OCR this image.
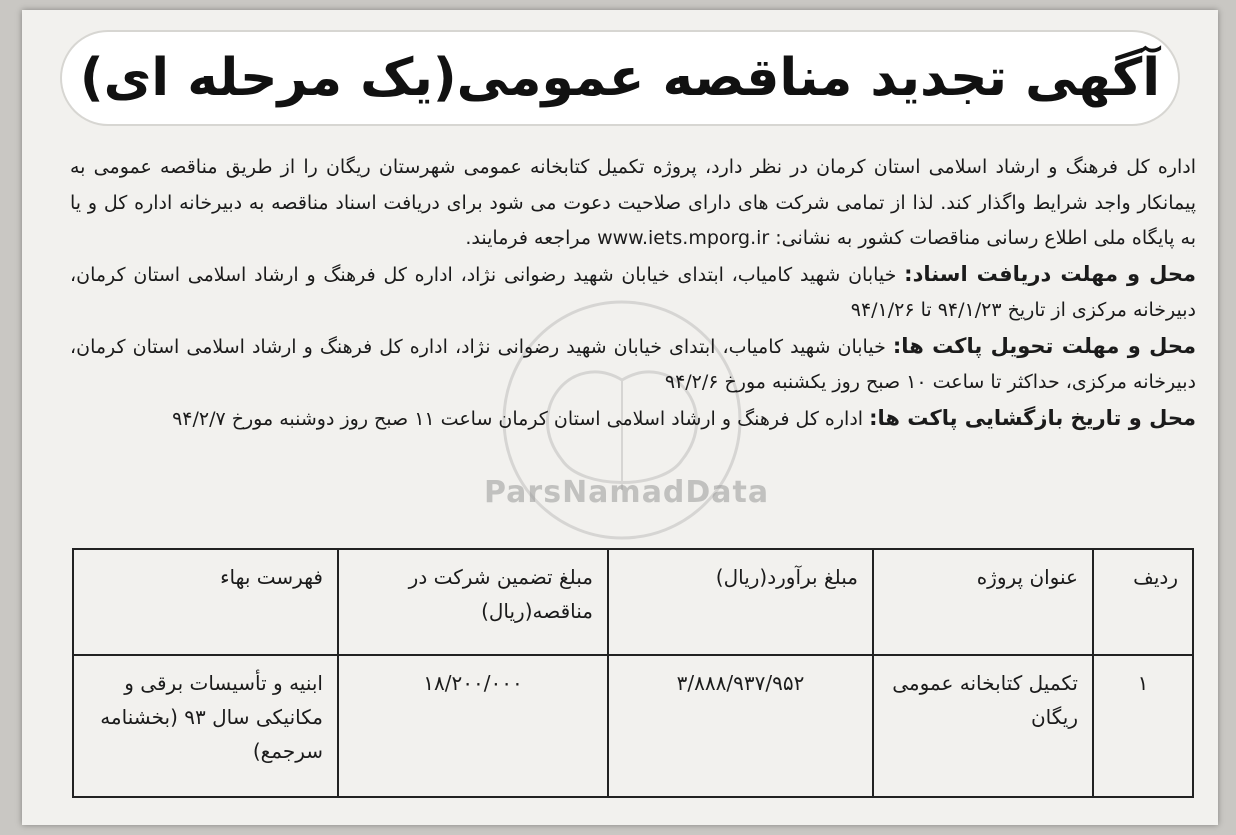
آگهی تجدید مناقصه عمومی(یک مرحله ای)
ParsNamadData

اداره کل فرهنگ و ارشاد اسلامی استان کرمان در نظر دارد، پروژه تکمیل کتابخانه عمومی شهرستان ریگان را از طریق مناقصه عمومی به پیمانکار واجد شرایط واگذار کند. لذا از تمامی شرکت های دارای صلاحیت دعوت می شود برای دریافت اسناد مناقصه به دبیرخانه اداره کل و یا به پایگاه ملی اطلاع رسانی مناقصات کشور به نشانی: www.iets.mporg.ir مراجعه فرمایند.

محل و مهلت دریافت اسناد: خیابان شهید کامیاب، ابتدای خیابان شهید رضوانی نژاد، اداره کل فرهنگ و ارشاد اسلامی استان کرمان، دبیرخانه مرکزی از تاریخ ۹۴/۱/۲۳ تا ۹۴/۱/۲۶

محل و مهلت تحویل پاکت ها: خیابان شهید کامیاب، ابتدای خیابان شهید رضوانی نژاد، اداره کل فرهنگ و ارشاد اسلامی استان کرمان، دبیرخانه مرکزی، حداکثر تا ساعت ۱۰ صبح روز یکشنبه مورخ ۹۴/۲/۶

محل و تاریخ بازگشایی پاکت ها: اداره کل فرهنگ و ارشاد اسلامی استان کرمان ساعت ۱۱ صبح روز دوشنبه مورخ ۹۴/۲/۷

ردیف	عنوان پروژه	مبلغ برآورد(ریال)	مبلغ تضمین شرکت در مناقصه(ریال)	فهرست بهاء
۱	تکمیل کتابخانه عمومی ریگان	۳/۸۸۸/۹۳۷/۹۵۲	۱۸/۲۰۰/۰۰۰	ابنیه و تأسیسات برقی و مکانیکی سال ۹۳ (بخشنامه سرجمع)
